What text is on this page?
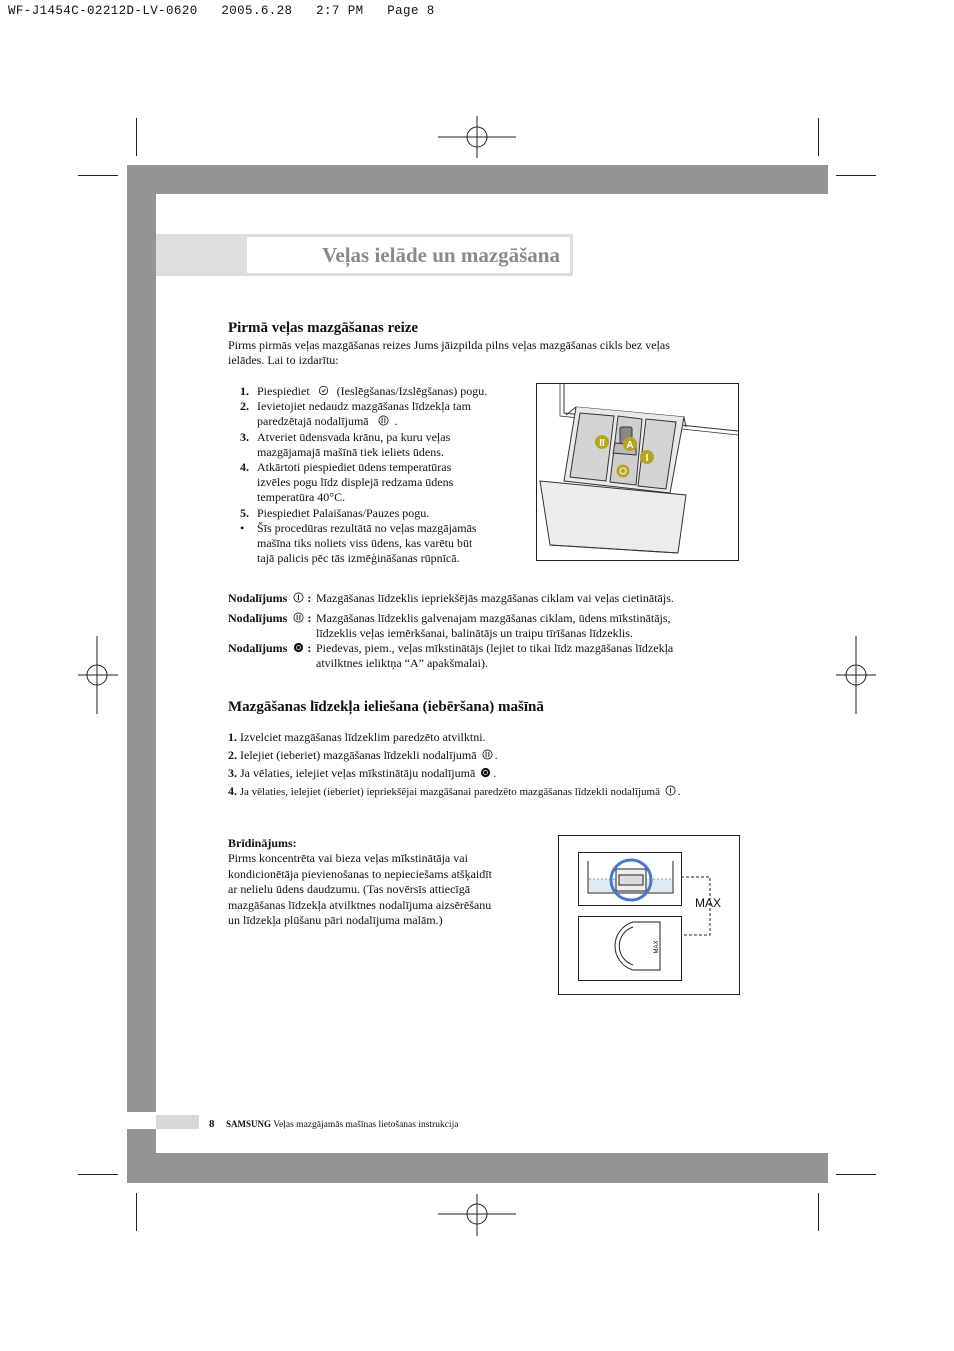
WF-J1454C-02212D-LV-0620   2005.6.28   2:7 PM   Page 8
Veļas ielāde un mazgāšana
Pirmā veļas mazgāšanas reize
Pirms pirmās veļas mazgāšanas reizes Jums jāizpilda pilns veļas mazgāšanas cikls bez veļas
ielādes. Lai to izdarītu:
1. Piespiediet (Ieslēgšanas/Izslēgšanas) pogu.
2. Ievietojiet nedaudz mazgāšanas līdzekļa tam
paredzētajā nodalījumā .
3. Atveriet ūdensvada krānu, pa kuru veļas
mazgājamajā mašīnā tiek ieliets ūdens.
4. Atkārtoti piespiediet ūdens temperatūras
izvēles pogu līdz displejā redzama ūdens
temperatūra 40°C.
5. Piespiediet Palaišanas/Pauzes pogu.
• Šīs procedūras rezultātā no veļas mazgājamās
mašīna tiks noliets viss ūdens, kas varētu būt
tajā palicis pēc tās izmēģināšanas rūpnīcā.
II A
I
Nodalījums  : Mazgāšanas līdzeklis iepriekšējās mazgāšanas ciklam vai veļas cietinātājs.
Nodalījums  : Mazgāšanas līdzeklis galvenajam mazgāšanas ciklam, ūdens mīkstinātājs,
līdzeklis veļas iemērkšanai, balinātājs un traipu tīrīšanas līdzeklis.
Nodalījums  : Piedevas, piem., veļas mīkstinātājs (lejiet to tikai līdz mazgāšanas līdzekļa
atvilktnes ieliktņa “A” apakšmalai).
Mazgāšanas līdzekļa ieliešana (iebēršana) mašīnā
1. Izvelciet mazgāšanas līdzeklim paredzēto atvilktni.
2. Ielejiet (ieberiet) mazgāšanas līdzekli nodalījumā .
3. Ja vēlaties, ielejiet veļas mīkstinātāju nodalījumā .
4. Ja vēlaties, ielejiet (ieberiet) iepriekšējai mazgāšanai paredzēto mazgāšanas līdzekli nodalījumā .
Brīdinājums:
Pirms koncentrēta vai bieza veļas mīkstinātāja vai
kondicionētāja pievienošanas to nepieciešams atšķaidīt
ar nelielu ūdens daudzumu. (Tas novērsīs attiecīgā
mazgāšanas līdzekļa atvilktnes nodalījuma aizsērēšanu
un līdzekļa plūšanu pāri nodalījuma malām.)
MAX
MAX
8 SAMSUNG Veļas mazgājamās mašīnas lietošanas instrukcija
